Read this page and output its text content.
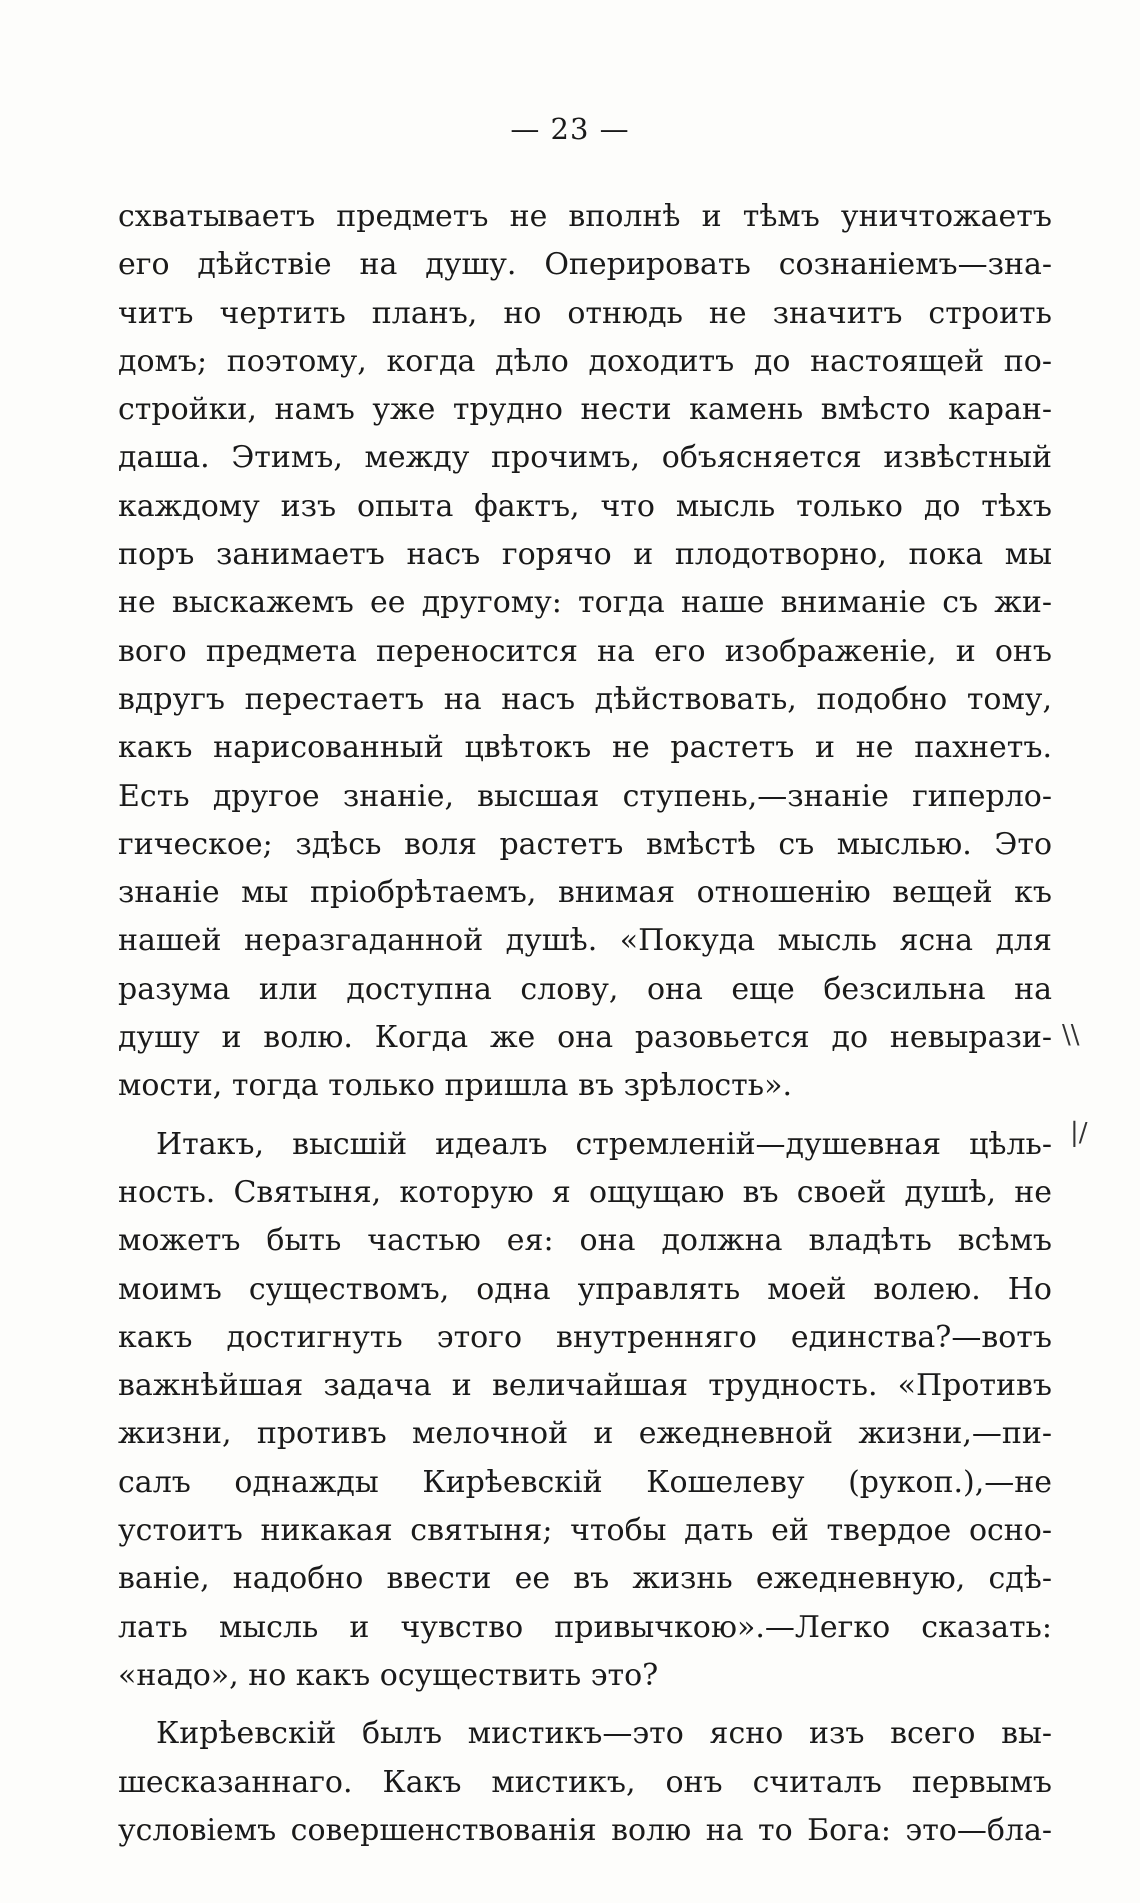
— 23 —
схватываетъ предметъ не вполнѣ и тѣмъ уничтожаетъ
его дѣйствіе на душу. Оперировать сознаніемъ—зна-
читъ чертить планъ, но отнюдь не значитъ строить
домъ; поэтому, когда дѣло доходитъ до настоящей по-
стройки, намъ уже трудно нести камень вмѣсто каран-
даша. Этимъ, между прочимъ, объясняется извѣстный
каждому изъ опыта фактъ, что мысль только до тѣхъ
поръ занимаетъ насъ горячо и плодотворно, пока мы
не выскажемъ ее другому: тогда наше вниманіе съ жи-
вого предмета переносится на его изображеніе, и онъ
вдругъ перестаетъ на насъ дѣйствовать, подобно тому,
какъ нарисованный цвѣтокъ не растетъ и не пахнетъ.
Есть другое знаніе, высшая ступень,—знаніе гиперло-
гическое; здѣсь воля растетъ вмѣстѣ съ мыслью. Это
знаніе мы пріобрѣтаемъ, внимая отношенію вещей къ
нашей неразгаданной душѣ. «Покуда мысль ясна для
разума или доступна слову, она еще безсильна на
душу и волю. Когда же она разовьется до невырази-
мости, тогда только пришла въ зрѣлость».
Итакъ, высшій идеалъ стремленій—душевная цѣль-
ность. Святыня, которую я ощущаю въ своей душѣ, не
можетъ быть частью ея: она должна владѣть всѣмъ
моимъ существомъ, одна управлять моей волею. Но
какъ достигнуть этого внутренняго единства?—вотъ
важнѣйшая задача и величайшая трудность. «Противъ
жизни, противъ мелочной и ежедневной жизни,—пи-
салъ однажды Кирѣевскій Кошелеву (рукоп.),—не
устоитъ никакая святыня; чтобы дать ей твердое осно-
ваніе, надобно ввести ее въ жизнь ежедневную, сдѣ-
лать мысль и чувство привычкою».—Легко сказать:
«надо», но какъ осуществить это?
Кирѣевскій былъ мистикъ—это ясно изъ всего вы-
шесказаннаго. Какъ мистикъ, онъ считалъ первымъ
условіемъ совершенствованія волю на то Бога: это—бла-
\\
|/
